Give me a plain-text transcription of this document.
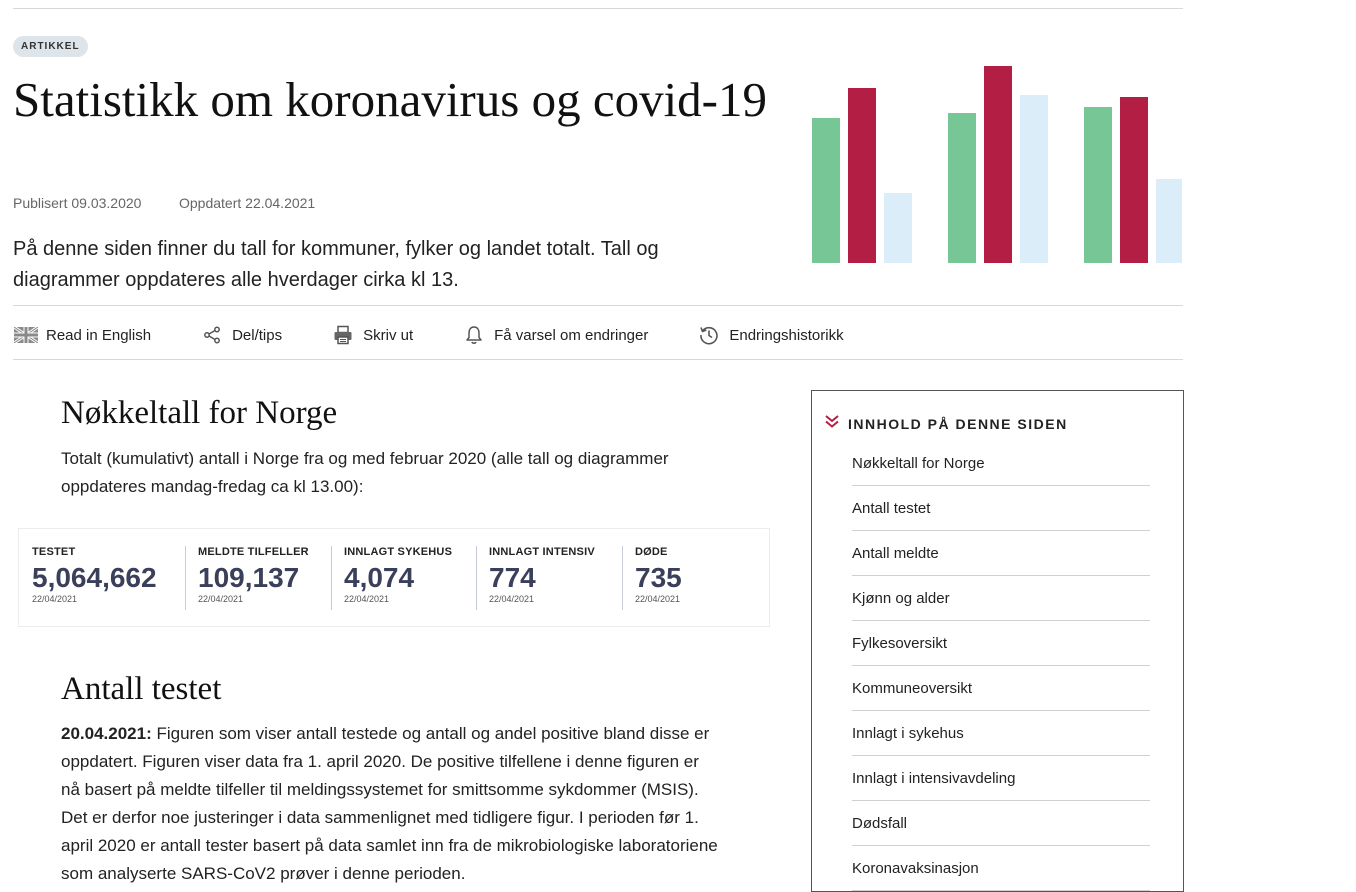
ARTIKKEL
Statistikk om koronavirus og covid-19
Publisert 09.03.2020	Oppdatert 22.04.2021

På denne siden finner du tall for kommuner, fylker og landet totalt. Tall og diagrammer oppdateres alle hverdager cirka kl 13.

Read in English	Del/tips	Skriv ut	Få varsel om endringer	Endringshistorikk
Nøkkeltall for Norge

Totalt (kumulativt) antall i Norge fra og med februar 2020 (alle tall og diagrammer oppdateres mandag-fredag ca kl 13.00):

TESTET
5,064,662
22/04/2021
MELDTE TILFELLER
109,137
22/04/2021
INNLAGT SYKEHUS
4,074
22/04/2021
INNLAGT INTENSIV
774
22/04/2021
DØDE
735
22/04/2021
Antall testet

20.04.2021: Figuren som viser antall testede og antall og andel positive bland disse er oppdatert. Figuren viser data fra 1. april 2020. De positive tilfellene i denne figuren er nå basert på meldte tilfeller til meldingssystemet for smittsomme sykdommer (MSIS). Det er derfor noe justeringer i data sammenlignet med tidligere figur. I perioden før 1. april 2020 er antall tester basert på data samlet inn fra de mikrobiologiske laboratoriene som analyserte SARS-CoV2 prøver i denne perioden.

INNHOLD PÅ DENNE SIDEN
Nøkkeltall for Norge
Antall testet
Antall meldte
Kjønn og alder
Fylkesoversikt
Kommuneoversikt
Innlagt i sykehus
Innlagt i intensivavdeling
Dødsfall
Koronavaksinasjon
